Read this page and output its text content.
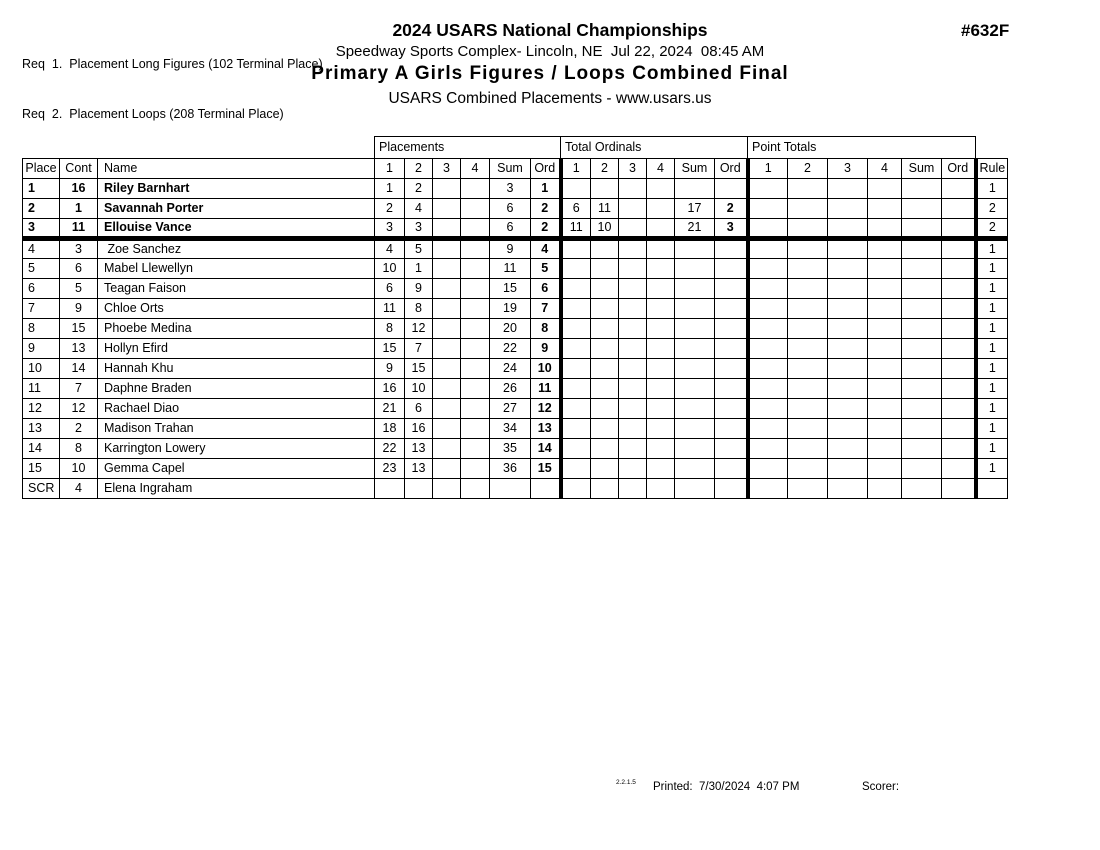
Req  1.  Placement Long Figures (102 Terminal Place)

Req  2.  Placement Loops (208 Terminal Place)

2024 USARS National Championships
Speedway Sports Complex- Lincoln, NE  Jul 22, 2024  08:45 AM
Primary A Girls Figures / Loops Combined Final
USARS Combined Placements - www.usars.us
#632F
			Placements						Total Ordinals						Point Totals						
Place	Cont	Name	1	2	3	4	Sum	Ord	1	2	3	4	Sum	Ord	1	2	3	4	Sum	Ord	Rule
1	16	Riley Barnhart	1	2			3	1													1
2	1	Savannah Porter	2	4			6	2	6	11			17	2							2
3	11	Ellouise Vance	3	3			6	2	11	10			21	3							2
4	3	Zoe Sanchez	4	5			9	4													1
5	6	Mabel Llewellyn	10	1			11	5													1
6	5	Teagan Faison	6	9			15	6													1
7	9	Chloe Orts	11	8			19	7													1
8	15	Phoebe Medina	8	12			20	8													1
9	13	Hollyn Efird	15	7			22	9													1
10	14	Hannah Khu	9	15			24	10													1
11	7	Daphne Braden	16	10			26	11													1
12	12	Rachael Diao	21	6			27	12													1
13	2	Madison Trahan	18	16			34	13													1
14	8	Karrington Lowery	22	13			35	14													1
15	10	Gemma Capel	23	13			36	15													1
SCR	4	Elena Ingraham																			
2.2.1.5 Printed:  7/30/2024  4:07 PM	Scorer:
